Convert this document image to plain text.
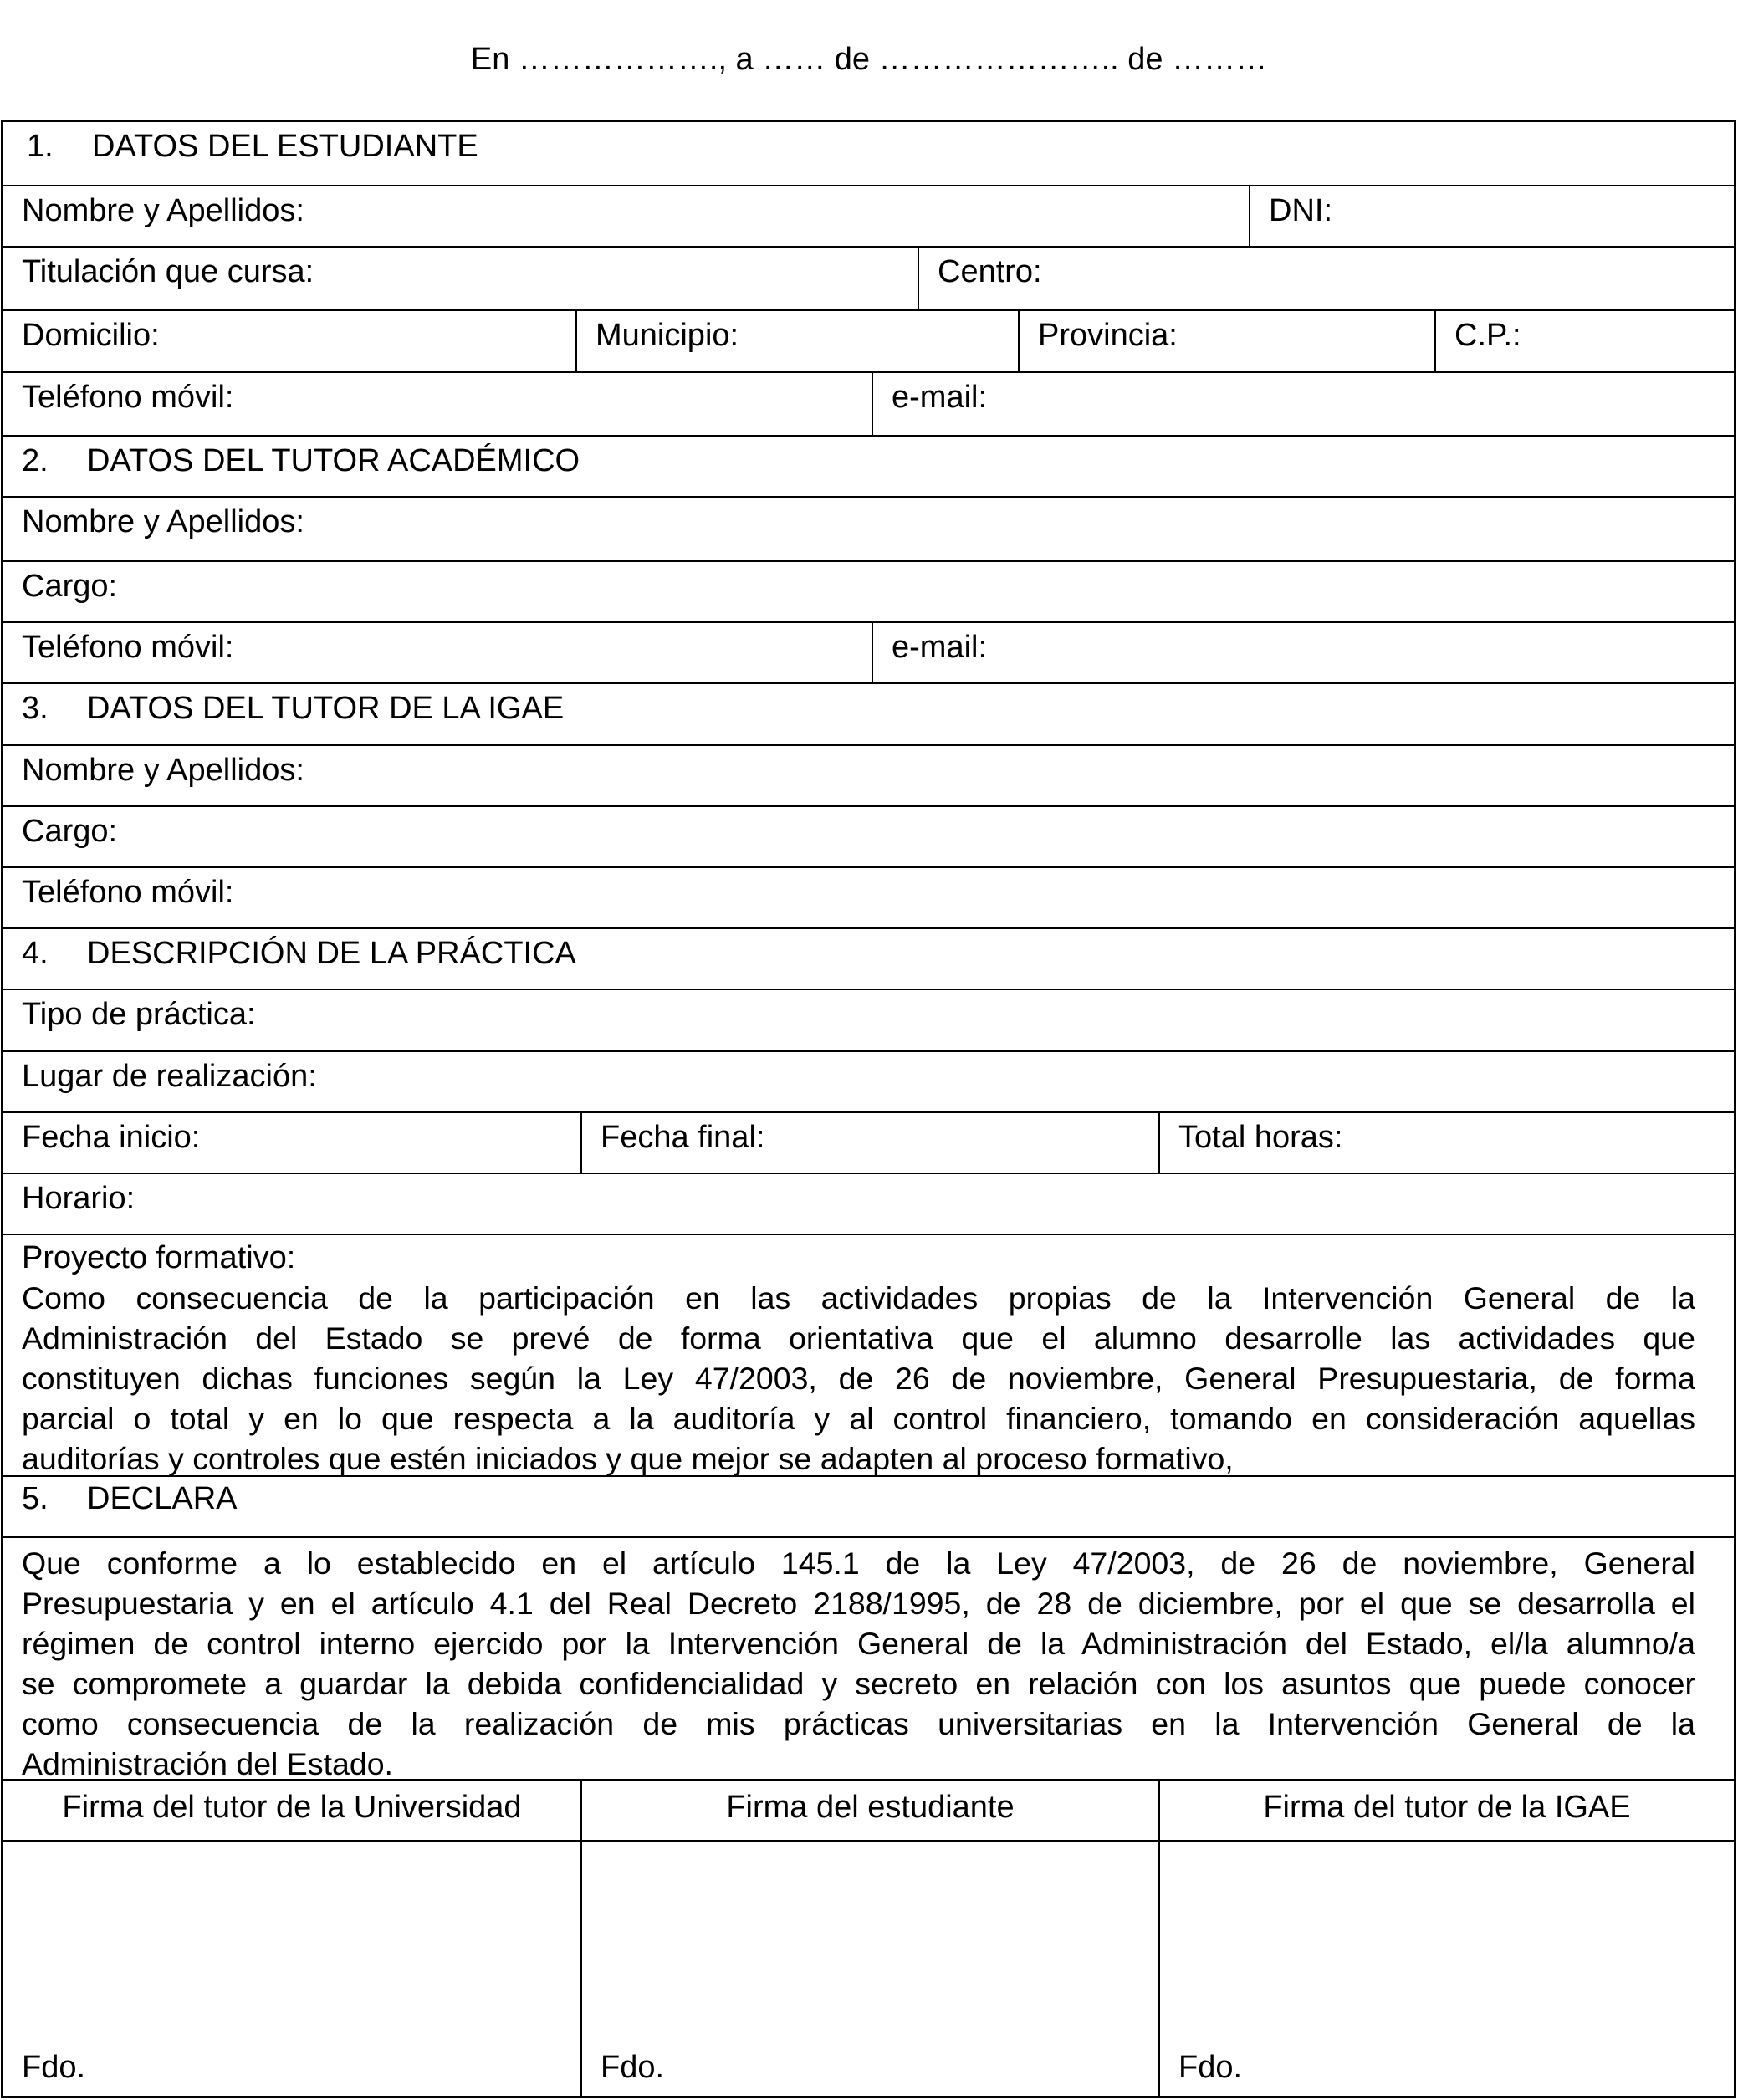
En ………………., a …… de ………………….. de ………
1. DATOS DEL ESTUDIANTE
Nombre y Apellidos:	DNI:
Titulación que cursa:	Centro:
Domicilio:	Municipio:	Provincia:	C.P.:
Teléfono móvil:	e-mail:
2. DATOS DEL TUTOR ACADÉMICO
Nombre y Apellidos:
Cargo:
Teléfono móvil:	e-mail:
3. DATOS DEL TUTOR DE LA IGAE
Nombre y Apellidos:
Cargo:
Teléfono móvil:
4. DESCRIPCIÓN DE LA PRÁCTICA
Tipo de práctica:
Lugar de realización:
Fecha inicio:	Fecha final:	Total horas:
Horario:
Proyecto formativo:
Como consecuencia de la participación en las actividades propias de la Intervención General de la
Administración del Estado se prevé de forma orientativa que el alumno desarrolle las actividades que
constituyen dichas funciones según la Ley 47/2003, de 26 de noviembre, General Presupuestaria, de forma
parcial o total y en lo que respecta a la auditoría y al control financiero, tomando en consideración aquellas
auditorías y controles que estén iniciados y que mejor se adapten al proceso formativo,
5. DECLARA
Que conforme a lo establecido en el artículo 145.1 de la Ley 47/2003, de 26 de noviembre, General
Presupuestaria y en el artículo 4.1 del Real Decreto 2188/1995, de 28 de diciembre, por el que se desarrolla el
régimen de control interno ejercido por la Intervención General de la Administración del Estado, el/la alumno/a
se compromete a guardar la debida confidencialidad y secreto en relación con los asuntos que puede conocer
como consecuencia de la realización de mis prácticas universitarias en la Intervención General de la
Administración del Estado.
Firma del tutor de la Universidad	Firma del estudiante	Firma del tutor de la IGAE
Fdo.	Fdo.	Fdo.
